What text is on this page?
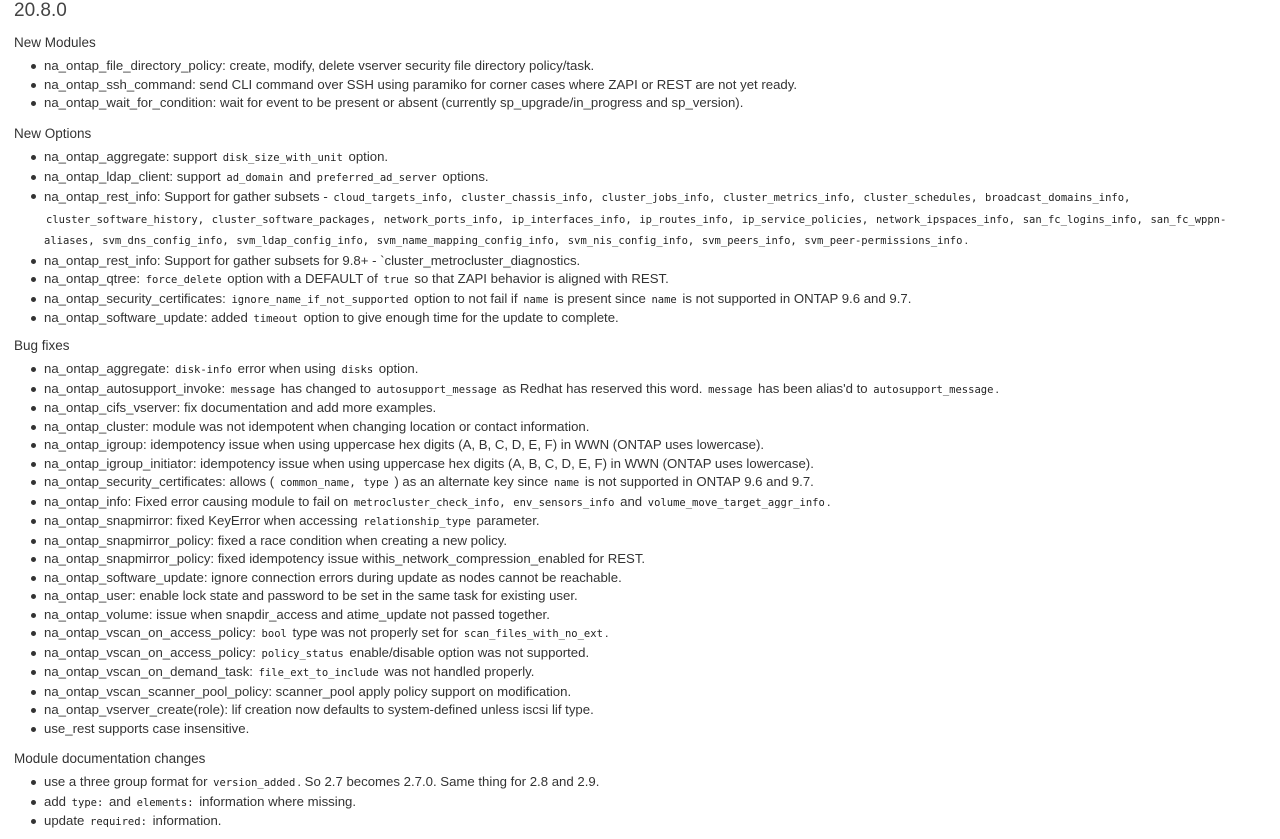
20.8.0
New Modules
na_ontap_file_directory_policy: create, modify, delete vserver security file directory policy/task.
na_ontap_ssh_command: send CLI command over SSH using paramiko for corner cases where ZAPI or REST are not yet ready.
na_ontap_wait_for_condition: wait for event to be present or absent (currently sp_upgrade/in_progress and sp_version).
New Options
na_ontap_aggregate: support disk_size_with_unit option.
na_ontap_ldap_client: support ad_domain and preferred_ad_server options.
na_ontap_rest_info: Support for gather subsets - cloud_targets_info, cluster_chassis_info, cluster_jobs_info, cluster_metrics_info, cluster_schedules, broadcast_domains_info, cluster_software_history, cluster_software_packages, network_ports_info, ip_interfaces_info, ip_routes_info, ip_service_policies, network_ipspaces_info, san_fc_logins_info, san_fc_wppn-aliases, svm_dns_config_info, svm_ldap_config_info, svm_name_mapping_config_info, svm_nis_config_info, svm_peers_info, svm_peer-permissions_info .
na_ontap_rest_info: Support for gather subsets for 9.8+ - `cluster_metrocluster_diagnostics.
na_ontap_qtree: force_delete option with a DEFAULT of true so that ZAPI behavior is aligned with REST.
na_ontap_security_certificates: ignore_name_if_not_supported option to not fail if name is present since name is not supported in ONTAP 9.6 and 9.7.
na_ontap_software_update: added timeout option to give enough time for the update to complete.
Bug fixes
na_ontap_aggregate: disk-info error when using disks option.
na_ontap_autosupport_invoke: message has changed to autosupport_message as Redhat has reserved this word. message has been alias'd to autosupport_message .
na_ontap_cifs_vserver: fix documentation and add more examples.
na_ontap_cluster: module was not idempotent when changing location or contact information.
na_ontap_igroup: idempotency issue when using uppercase hex digits (A, B, C, D, E, F) in WWN (ONTAP uses lowercase).
na_ontap_igroup_initiator: idempotency issue when using uppercase hex digits (A, B, C, D, E, F) in WWN (ONTAP uses lowercase).
na_ontap_security_certificates: allows ( common_name, type ) as an alternate key since name is not supported in ONTAP 9.6 and 9.7.
na_ontap_info: Fixed error causing module to fail on metrocluster_check_info, env_sensors_info and volume_move_target_aggr_info .
na_ontap_snapmirror: fixed KeyError when accessing relationship_type parameter.
na_ontap_snapmirror_policy: fixed a race condition when creating a new policy.
na_ontap_snapmirror_policy: fixed idempotency issue withis_network_compression_enabled for REST.
na_ontap_software_update: ignore connection errors during update as nodes cannot be reachable.
na_ontap_user: enable lock state and password to be set in the same task for existing user.
na_ontap_volume: issue when snapdir_access and atime_update not passed together.
na_ontap_vscan_on_access_policy: bool type was not properly set for scan_files_with_no_ext .
na_ontap_vscan_on_access_policy: policy_status enable/disable option was not supported.
na_ontap_vscan_on_demand_task: file_ext_to_include was not handled properly.
na_ontap_vscan_scanner_pool_policy: scanner_pool apply policy support on modification.
na_ontap_vserver_create(role): lif creation now defaults to system-defined unless iscsi lif type.
use_rest supports case insensitive.
Module documentation changes
use a three group format for version_added . So 2.7 becomes 2.7.0. Same thing for 2.8 and 2.9.
add type: and elements: information where missing.
update required: information.
